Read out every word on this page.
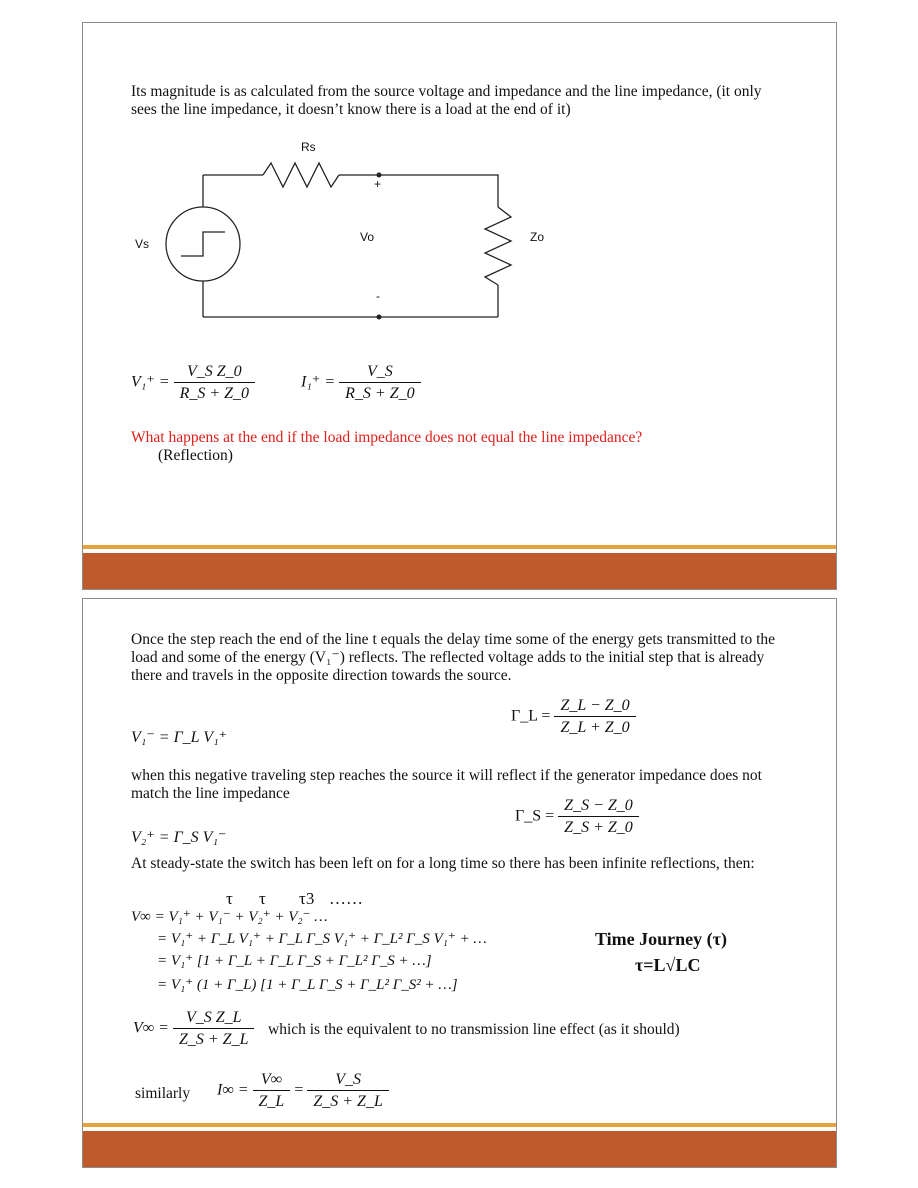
Its magnitude is as calculated from the source voltage and impedance and the line impedance, (it only sees the line impedance, it doesn’t know there is a load at the end of it)

Rs
+
Vs	Vo	Zo
-
$V_1^+ = \frac{\text{V\_S Z\_0}}{R\_S + Z\_0}$	$I_1^+ = \frac{V\_S}{R\_S + Z\_0}$

What happens at the end if the load impedance does not equal the line impedance?

(Reflection)

Once the step reach the end of the line t equals the delay time some of the energy gets transmitted to the load and some of the energy (V₁⁻) reflects. The reflected voltage adds to the initial step that is already there and travels in the opposite direction towards the source.

V₁⁻ = Γ_L V₁⁺
Γ_L = $\frac{Z\_L - Z\_0}{Z\_L + Z\_0}$

when this negative traveling step reaches the source it will reflect if the generator impedance does not match the line impedance

V₂⁺ = Γ_S V₁⁻
Γ_S = $\frac{Z\_S - Z\_0}{Z\_S + Z\_0}$

At steady-state the switch has been left on for a long time so there has been infinite reflections, then:

τ τ τ3 ……
V∞ = V₁⁺ + V₁⁻ + V₂⁺ + V₂⁻ …
= V₁⁺ + Γ_L V₁⁺ + Γ_L Γ_S V₁⁺ + Γ_L² Γ_S V₁⁺ + …
= V₁⁺ [1 + Γ_L + Γ_L Γ_S + Γ_L² Γ_S + …]
= V₁⁺ (1 + Γ_L) [1 + Γ_L Γ_S + Γ_L² Γ_S² + …]
Time Journey (τ)
τ=L√LC
$V\infty = \frac{\text{V\_S Z\_L}}{Z\_S + Z\_L}$ which is the equivalent to no transmission line effect (as it should)

similarly $I\infty = \frac{V\infty}{Z\_L} = \frac{V\_S}{Z\_S + Z\_L}$
